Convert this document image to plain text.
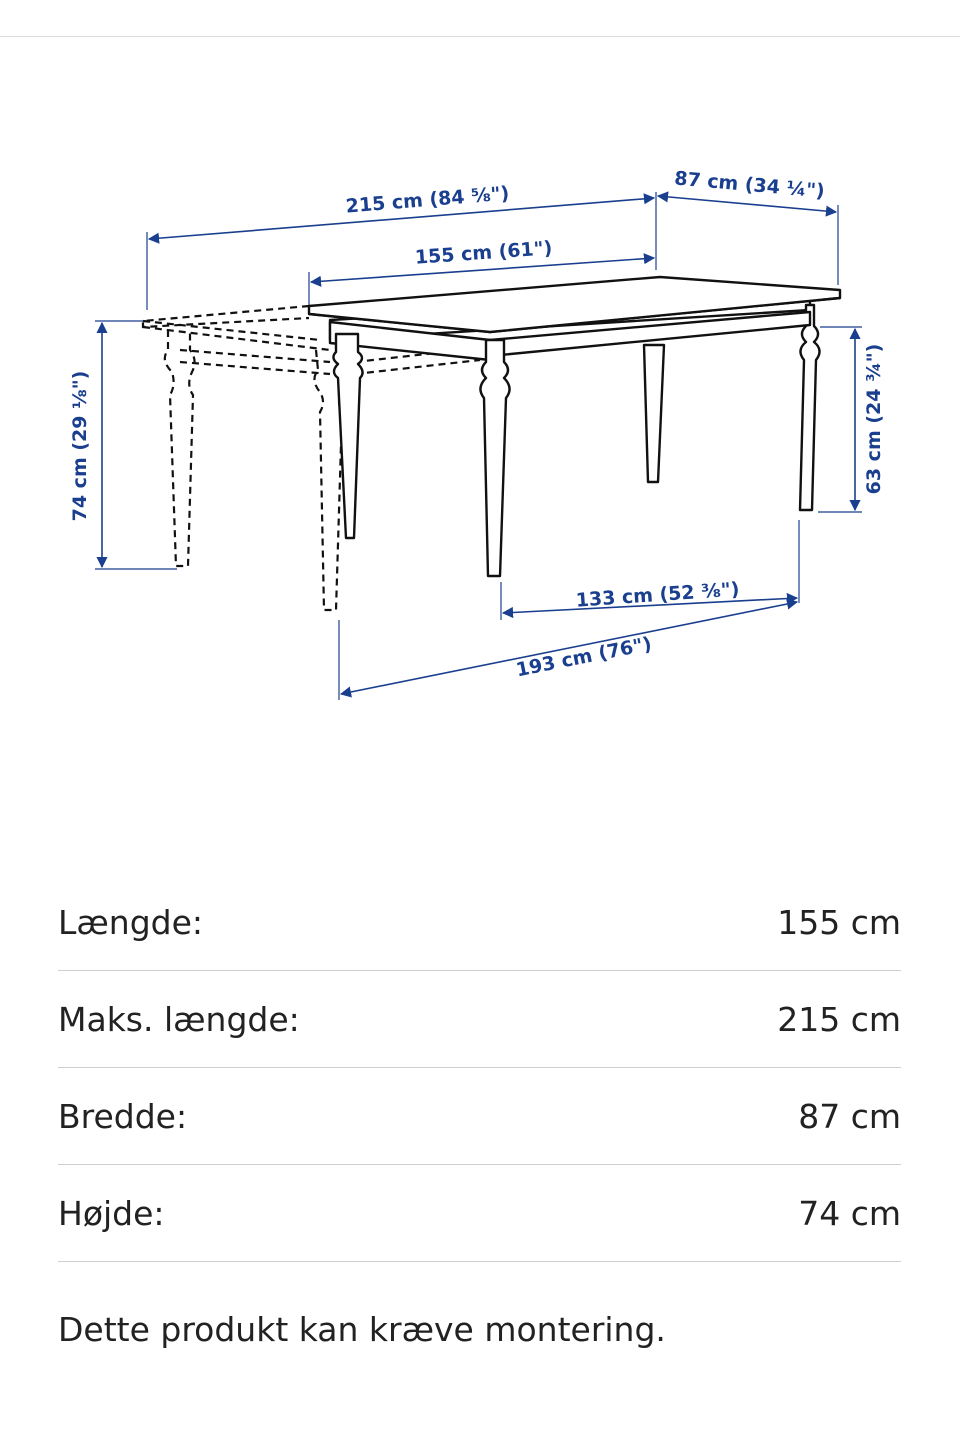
215 cm (84 ⅝")	87 cm (34 ¼")
155 cm (61")
74 cm (29 ⅛")	63 cm (24 ¾")
133 cm (52 ⅜")
193 cm (76")
Længde:	155 cm
Maks. længde:	215 cm
Bredde:	87 cm
Højde:	74 cm
Dette produkt kan kræve montering.
